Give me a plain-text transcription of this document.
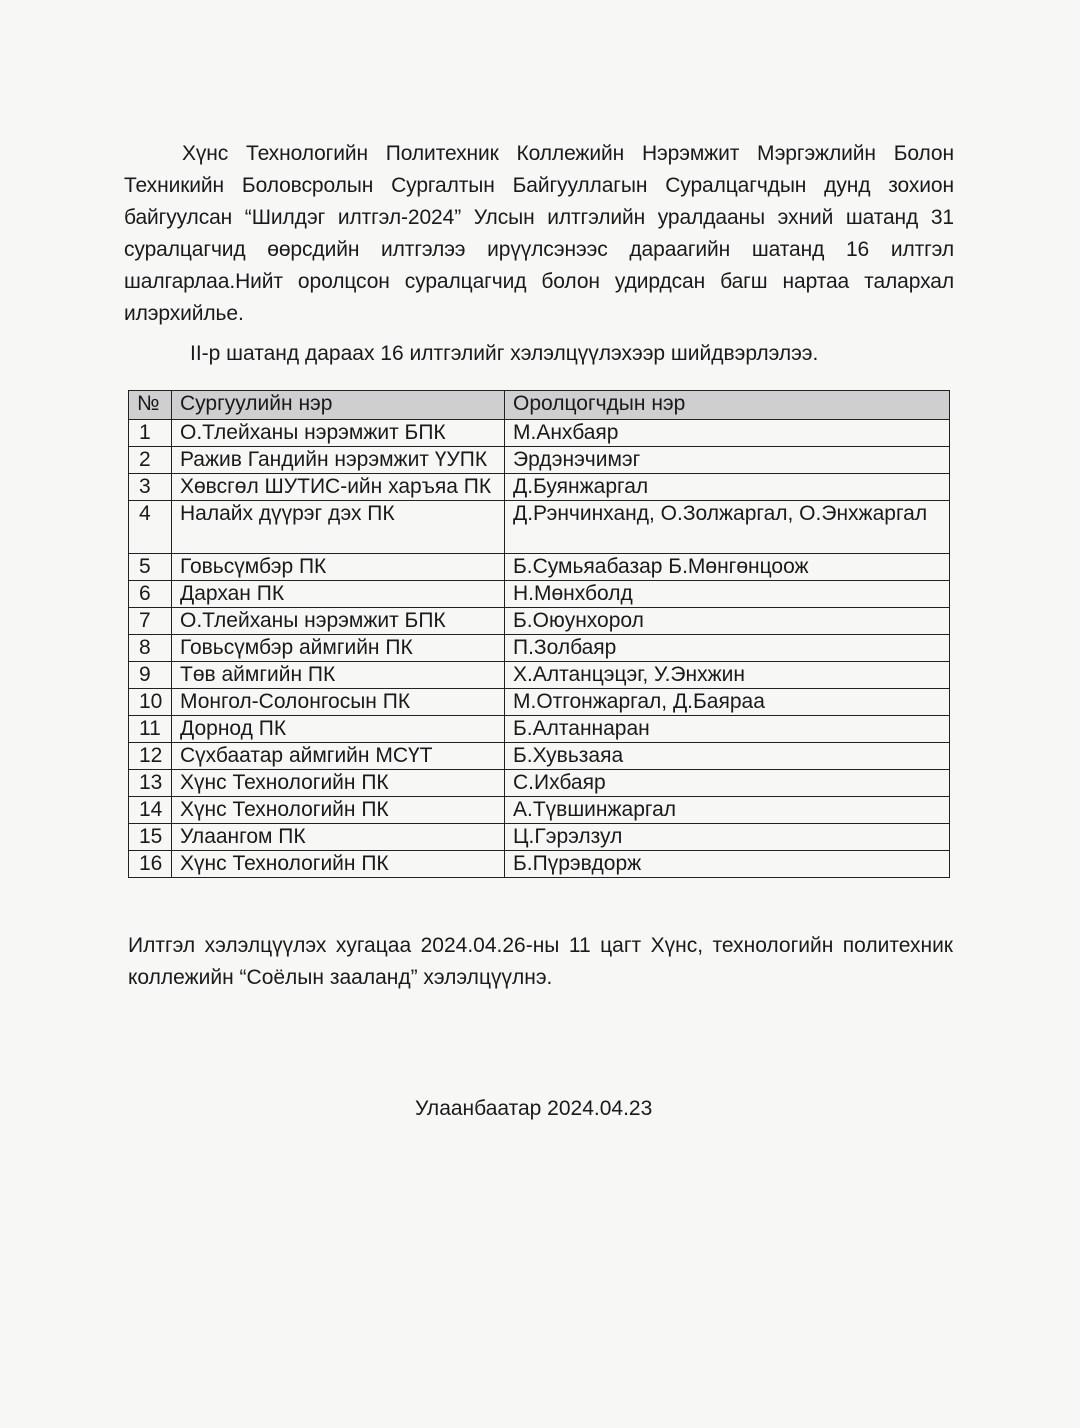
Хүнс Технологийн Политехник Коллежийн Нэрэмжит Мэргэжлийн Болон Техникийн Боловсролын Сургалтын Байгууллагын Суралцагчдын дунд зохион байгуулсан “Шилдэг илтгэл-2024” Улсын илтгэлийн уралдааны эхний шатанд 31 суралцагчид өөрсдийн илтгэлээ ирүүлсэнээс дараагийн шатанд 16 илтгэл шалгарлаа.Нийт оролцсон суралцагчид болон удирдсан багш нартаа талархал илэрхийлье.

II-р шатанд дараах 16 илтгэлийг хэлэлцүүлэхээр шийдвэрлэлээ.

№	Сургуулийн нэр	Оролцогчдын нэр
1	О.Тлейханы нэрэмжит БПК	М.Анхбаяр
2	Ражив Гандийн нэрэмжит ҮУПК	Эрдэнэчимэг
3	Хөвсгөл ШУТИС-ийн харъяа ПК	Д.Буянжаргал
4	Налайх дүүрэг дэх ПК	Д.Рэнчинханд, О.Золжаргал, О.Энхжаргал
5	Говьсүмбэр ПК	Б.Сумьяабазар Б.Мөнгөнцоож
6	Дархан ПК	Н.Мөнхболд
7	О.Тлейханы нэрэмжит БПК	Б.Оюунхорол
8	Говьсүмбэр аймгийн ПК	П.Золбаяр
9	Төв аймгийн ПК	Х.Алтанцэцэг, У.Энхжин
10	Монгол-Солонгосын ПК	М.Отгонжаргал, Д.Баяраа
11	Дорнод ПК	Б.Алтаннаран
12	Сүхбаатар аймгийн МСҮТ	Б.Хувьзаяа
13	Хүнс Технологийн ПК	С.Ихбаяр
14	Хүнс Технологийн ПК	А.Түвшинжаргал
15	Улаангом ПК	Ц.Гэрэлзул
16	Хүнс Технологийн ПК	Б.Пүрэвдорж

Илтгэл хэлэлцүүлэх хугацаа 2024.04.26-ны 11 цагт Хүнс, технологийн политехник коллежийн “Соёлын зааланд” хэлэлцүүлнэ.

Улаанбаатар 2024.04.23
